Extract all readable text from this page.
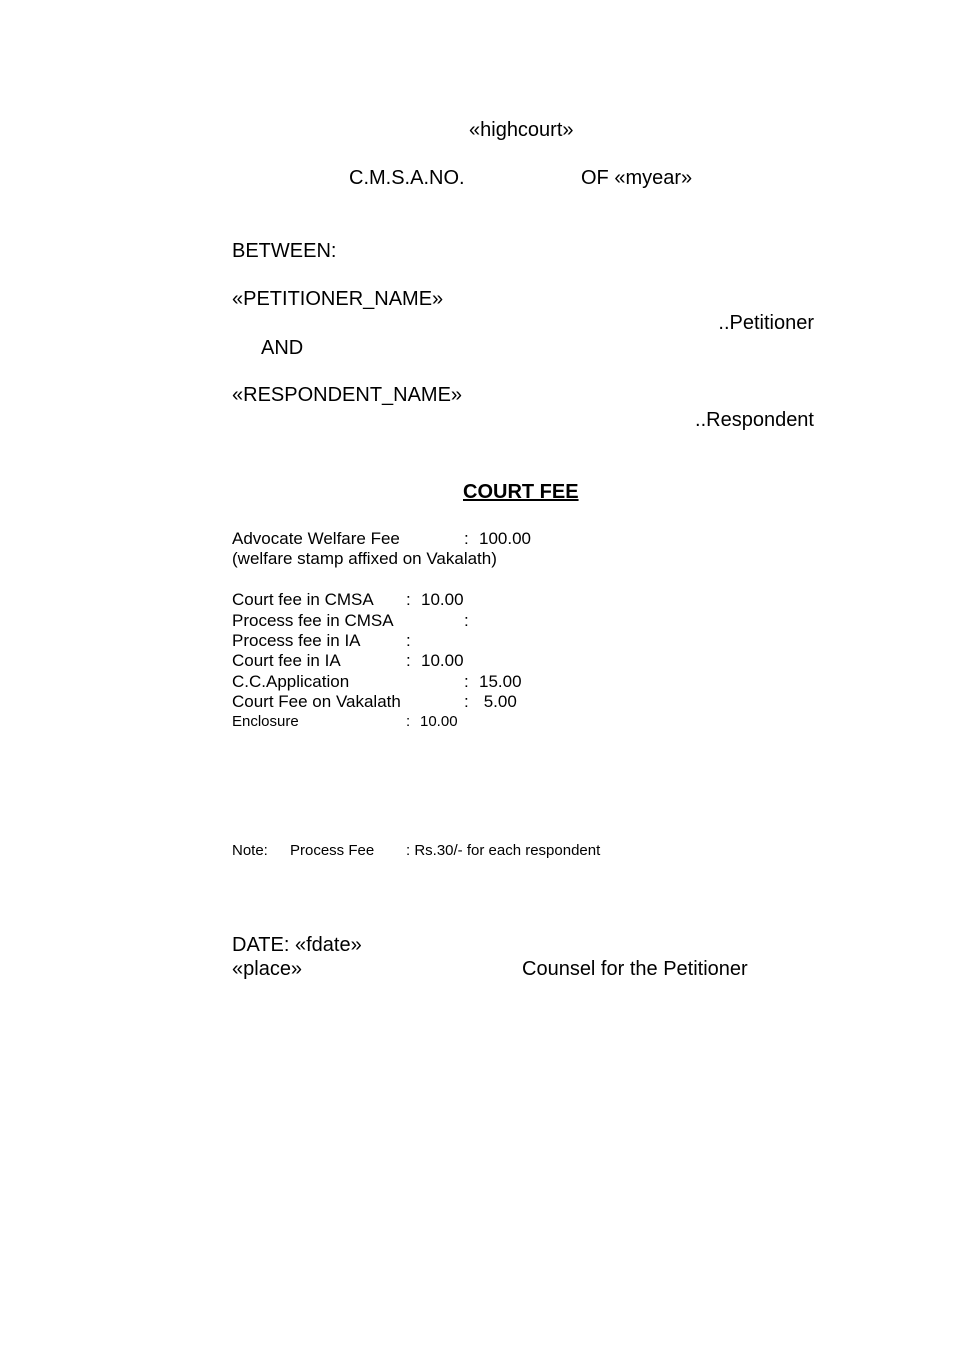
«highcourt»
C.M.S.A.NO.	OF «myear»
BETWEEN:
«PETITIONER_NAME»
..Petitioner
AND
«RESPONDENT_NAME»
..Respondent
COURT FEE
Advocate Welfare Fee	: 100.00
(welfare stamp affixed on Vakalath)
Court fee in CMSA : 10.00
Process fee in CMSA	:
Process fee in IA	:
Court fee in IA	: 10.00
C.C.Application	: 15.00
Court Fee on Vakalath	: 5.00
Enclosure	: 10.00
Note: Process Fee : Rs.30/- for each respondent
DATE: «fdate»
«place»	Counsel for the Petitioner
